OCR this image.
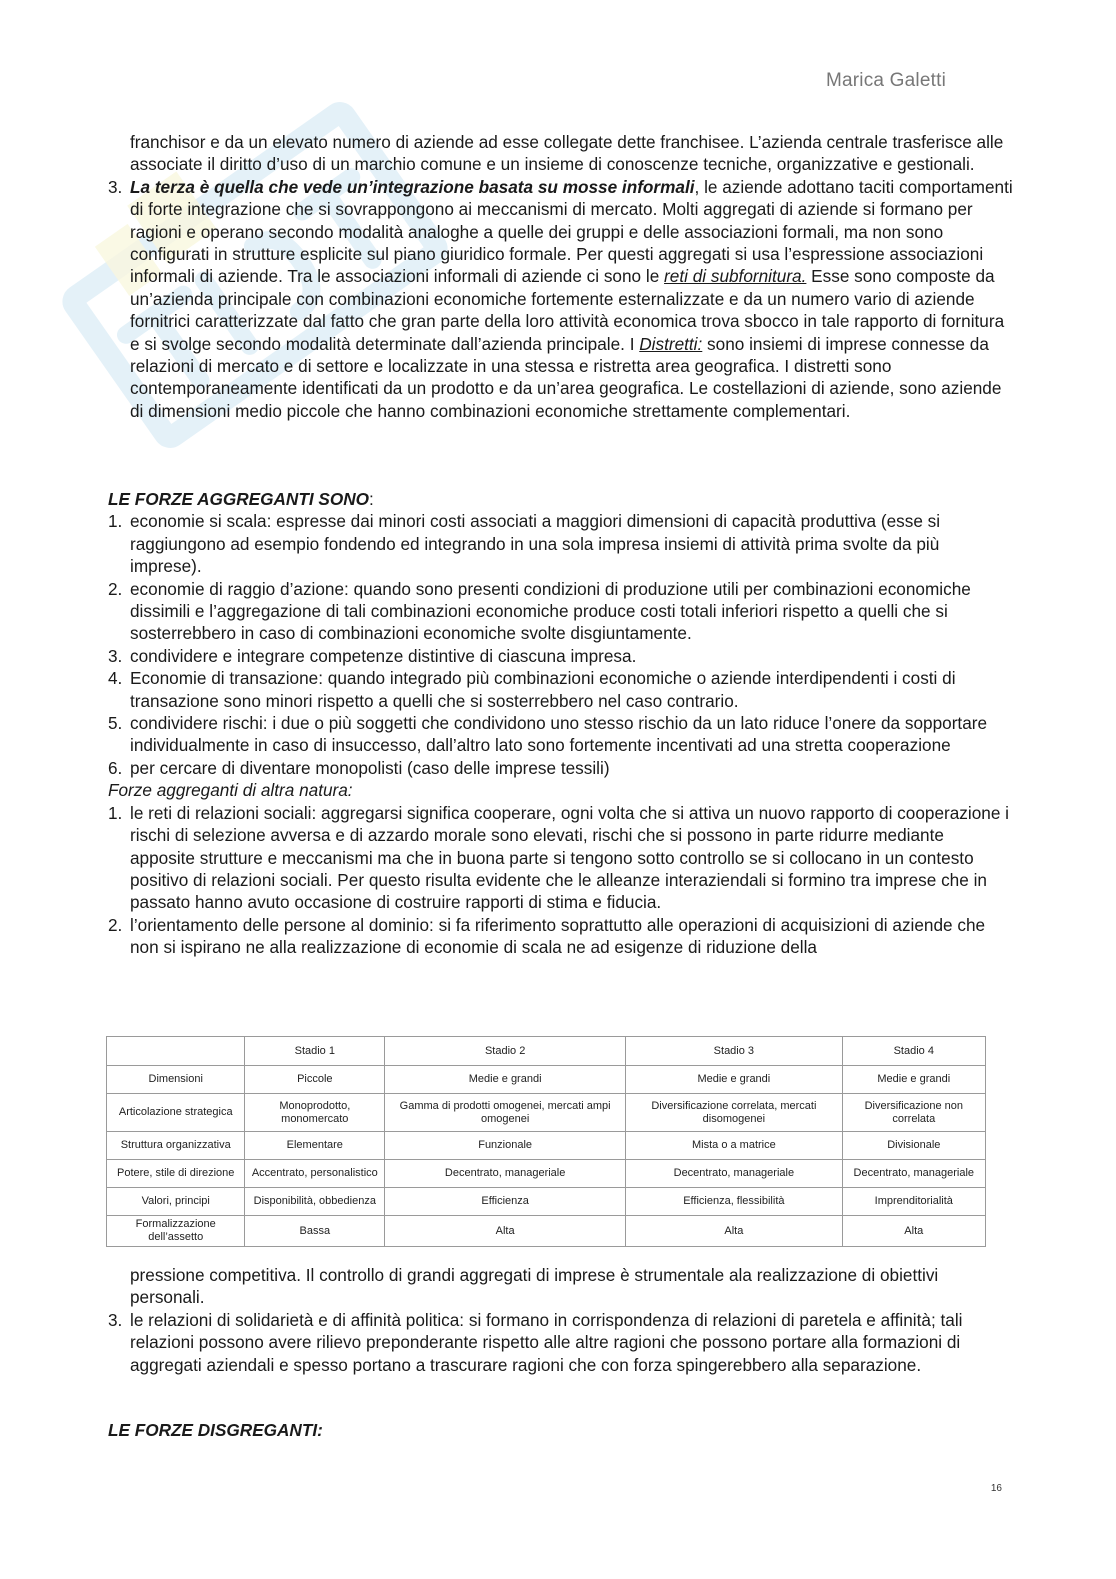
Marica Galetti

franchisor e da un elevato numero di aziende ad esse collegate dette franchisee. L’azienda centrale trasferisce alle associate il diritto d’uso di un marchio comune e un insieme di conoscenze tecniche, organizzative e gestionali.

3. La terza è quella che vede un’integrazione basata su mosse informali, le aziende adottano taciti comportamenti di forte integrazione che si sovrappongono ai meccanismi di mercato. Molti aggregati di aziende si formano per ragioni e operano secondo modalità analoghe a quelle dei gruppi e delle associazioni formali, ma non sono configurati in strutture esplicite sul piano giuridico formale. Per questi aggregati si usa l’espressione associazioni informali di aziende. Tra le associazioni informali di aziende ci sono le reti di subfornitura. Esse sono composte da un’azienda principale con combinazioni economiche fortemente esternalizzate e da un numero vario di aziende fornitrici caratterizzate dal fatto che gran parte della loro attività economica trova sbocco in tale rapporto di fornitura e si svolge secondo modalità determinate dall’azienda principale. I Distretti: sono insiemi di imprese connesse da relazioni di mercato e di settore e localizzate in una stessa e ristretta area geografica. I distretti sono contemporaneamente identificati da un prodotto e da un’area geografica. Le costellazioni di aziende, sono aziende di dimensioni medio piccole che hanno combinazioni economiche strettamente complementari.

LE FORZE AGGREGANTI SONO:

1. economie si scala: espresse dai minori costi associati a maggiori dimensioni di capacità produttiva (esse si raggiungono ad esempio fondendo ed integrando in una sola impresa insiemi di attività prima svolte da più imprese).
2. economie di raggio d’azione: quando sono presenti condizioni di produzione utili per combinazioni economiche dissimili e l’aggregazione di tali combinazioni economiche produce costi totali inferiori rispetto a quelli che si sosterrebbero in caso di combinazioni economiche svolte disgiuntamente.
3. condividere e integrare competenze distintive di ciascuna impresa.
4. Economie di transazione: quando integrado più combinazioni economiche o aziende interdipendenti i costi di transazione sono minori rispetto a quelli che si sosterrebbero nel caso contrario.
5. condividere rischi: i due o più soggetti che condividono uno stesso rischio da un lato riduce l’onere da sopportare individualmente in caso di insuccesso, dall’altro lato sono fortemente incentivati ad una stretta cooperazione
6. per cercare di diventare monopolisti (caso delle imprese tessili)

Forze aggreganti di altra natura:

1. le reti di relazioni sociali: aggregarsi significa cooperare, ogni volta che si attiva un nuovo rapporto di cooperazione i rischi di selezione avversa e di azzardo morale sono elevati, rischi che si possono in parte ridurre mediante apposite strutture e meccanismi ma che in buona parte si tengono sotto controllo se si collocano in un contesto positivo di relazioni sociali. Per questo risulta evidente che le alleanze interaziendali si formino tra imprese che in passato hanno avuto occasione di costruire rapporti di stima e fiducia.
2. l’orientamento delle persone al dominio: si fa riferimento soprattutto alle operazioni di acquisizioni di aziende che non si ispirano ne alla realizzazione di economie di scala ne ad esigenze di riduzione della
	Stadio 1	Stadio 2	Stadio 3	Stadio 4
Dimensioni	Piccole	Medie e grandi	Medie e grandi	Medie e grandi
Articolazione strategica	Monoprodotto, monomercato	Gamma di prodotti omogenei, mercati ampi omogenei	Diversificazione correlata, mercati disomogenei	Diversificazione non correlata
Struttura organizzativa	Elementare	Funzionale	Mista o a matrice	Divisionale
Potere, stile di direzione	Accentrato, personalistico	Decentrato, manageriale	Decentrato, manageriale	Decentrato, manageriale
Valori, principi	Disponibilità, obbedienza	Efficienza	Efficienza, flessibilità	Imprenditorialità
Formalizzazione dell’assetto	Bassa	Alta	Alta	Alta

pressione competitiva. Il controllo di grandi aggregati di imprese è strumentale ala realizzazione di obiettivi personali.

3. le relazioni di solidarietà e di affinità politica: si formano in corrispondenza di relazioni di paretela e affinità; tali relazioni possono avere rilievo preponderante rispetto alle altre ragioni che possono portare alla formazioni di aggregati aziendali e spesso portano a trascurare ragioni che con forza spingerebbero alla separazione.

LE FORZE DISGREGANTI:

16
